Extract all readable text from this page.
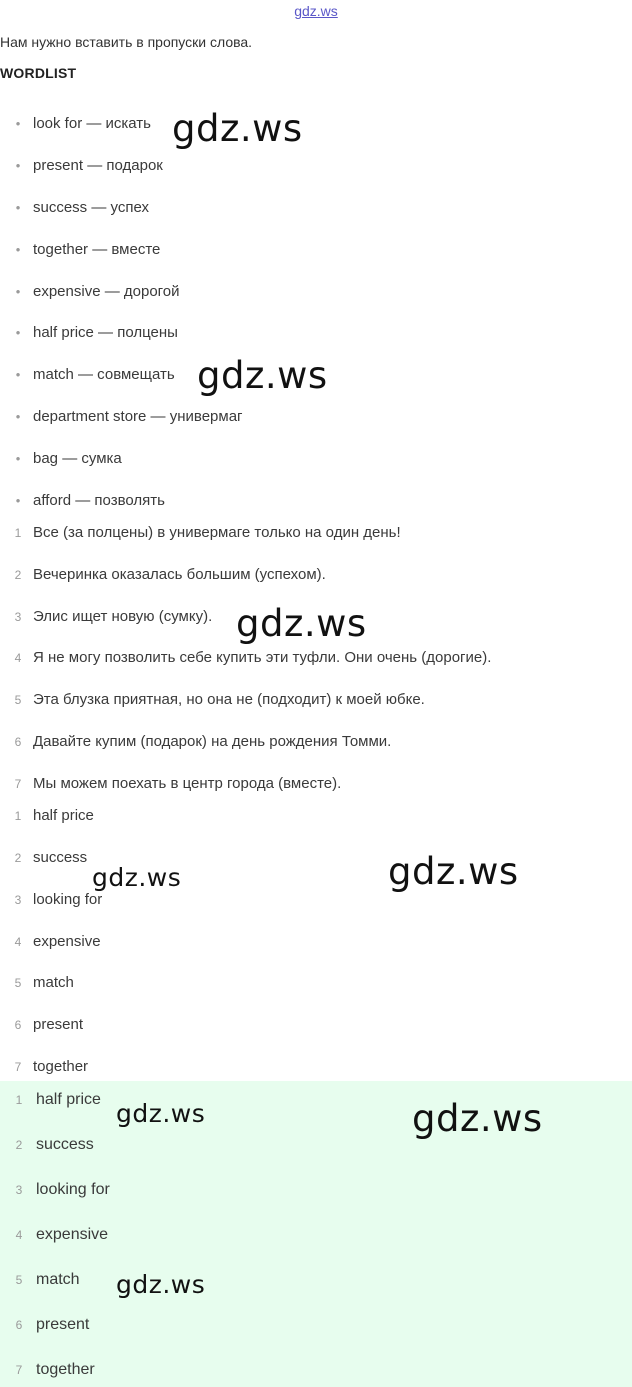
gdz.ws
Нам нужно вставить в пропуски слова.
WORDLIST
• look for — искать
• present — подарок
• success — успех
• together — вместе
• expensive — дорогой
• half price — полцены
• match — совмещать
• department store — универмаг
• bag — сумка
• afford — позволять
1 Все (за полцены) в универмаге только на один день!
2 Вечеринка оказалась большим (успехом).
3 Элис ищет новую (сумку).
4 Я не могу позволить себе купить эти туфли. Они очень (дорогие).
5 Эта блузка приятная, но она не (подходит) к моей юбке.
6 Давайте купим (подарок) на день рождения Томми.
7 Мы можем поехать в центр города (вместе).
1 half price
2 success
3 looking for
4 expensive
5 match
6 present
7 together
1 half price
2 success
3 looking for
4 expensive
5 match
6 present
7 together
gdz.ws
gdz.ws
gdz.ws
gdz.ws
gdz.ws
gdz.ws
gdz.ws
gdz.ws
